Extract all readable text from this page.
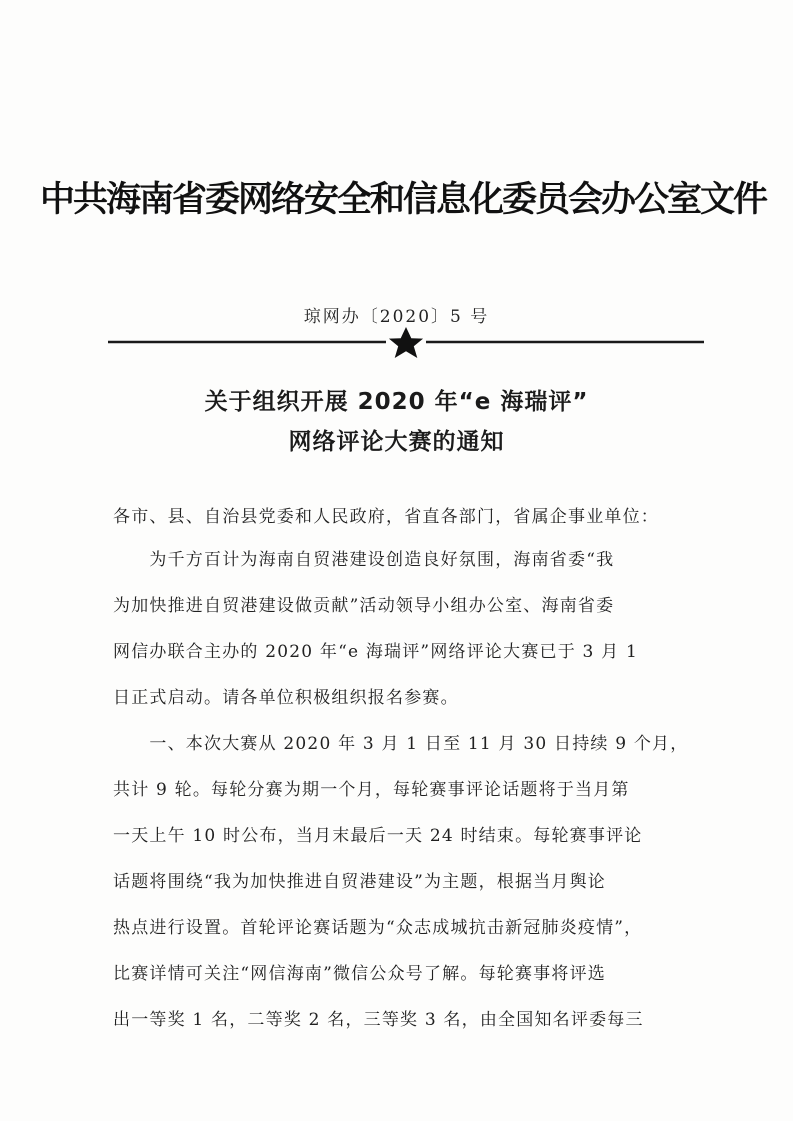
中共海南省委网络安全和信息化委员会办公室文件
琼网办〔2020〕5 号
关于组织开展 2020 年“e 海瑞评”
网络评论大赛的通知
各市、县、自治县党委和人民政府，省直各部门，省属企事业单位：
　　为千方百计为海南自贸港建设创造良好氛围，海南省委“我
为加快推进自贸港建设做贡献”活动领导小组办公室、海南省委
网信办联合主办的 2020 年“e 海瑞评”网络评论大赛已于 3 月 1
日正式启动。请各单位积极组织报名参赛。
　　一、本次大赛从 2020 年 3 月 1 日至 11 月 30 日持续 9 个月，
共计 9 轮。每轮分赛为期一个月，每轮赛事评论话题将于当月第
一天上午 10 时公布，当月末最后一天 24 时结束。每轮赛事评论
话题将围绕“我为加快推进自贸港建设”为主题，根据当月舆论
热点进行设置。首轮评论赛话题为“众志成城抗击新冠肺炎疫情”，
比赛详情可关注“网信海南”微信公众号了解。每轮赛事将评选
出一等奖 1 名，二等奖 2 名，三等奖 3 名，由全国知名评委每三
